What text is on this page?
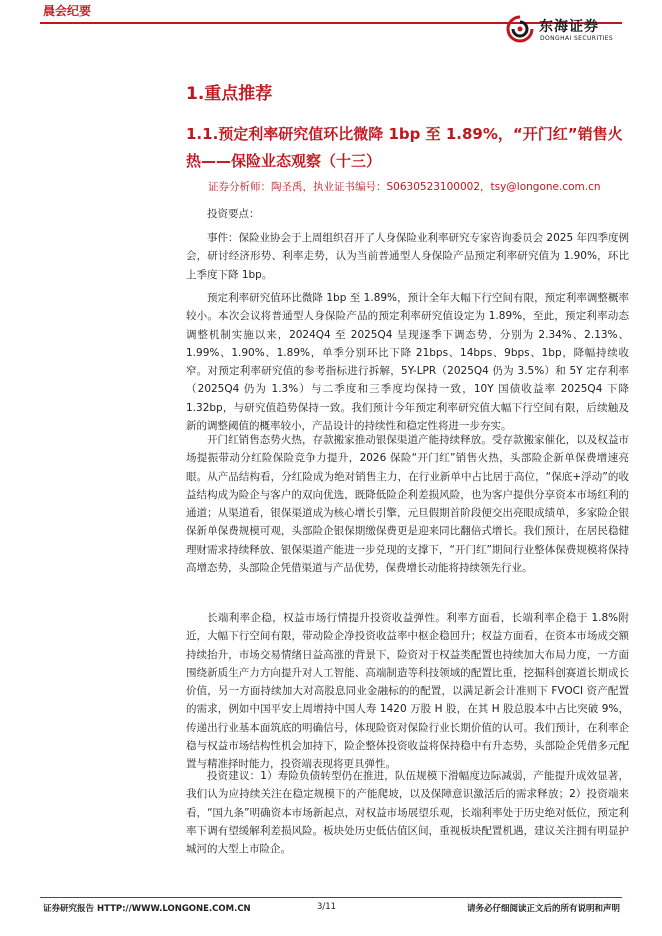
晨会纪要
东海证券
DONGHAI SECURITIES
1.重点推荐
1.1.预定利率研究值环比微降 1bp 至 1.89%，“开门红”销售火热——保险业态观察（十三）
证券分析师：陶圣禹，执业证书编号：S0630523100002，tsy@longone.com.cn
投资要点：

事件：保险业协会于上周组织召开了人身保险业利率研究专家咨询委员会 2025 年四季度例会，研讨经济形势、利率走势，认为当前普通型人身保险产品预定利率研究值为 1.90%，环比上季度下降 1bp。

预定利率研究值环比微降 1bp 至 1.89%，预计全年大幅下行空间有限，预定利率调整概率较小。本次会议将普通型人身保险产品的预定利率研究值设定为 1.89%，至此，预定利率动态调整机制实施以来，2024Q4 至 2025Q4 呈现逐季下调态势，分别为 2.34%、2.13%、1.99%、1.90%、1.89%，单季分别环比下降 21bps、14bps、9bps、1bp，降幅持续收窄。对预定利率研究值的参考指标进行拆解，5Y-LPR（2025Q4 仍为 3.5%）和 5Y 定存利率（2025Q4 仍为 1.3%）与二季度和三季度均保持一致，10Y 国债收益率 2025Q4 下降 1.32bp，与研究值趋势保持一致。我们预计今年预定利率研究值大幅下行空间有限，后续触及新的调整阈值的概率较小，产品设计的持续性和稳定性将进一步夯实。

开门红销售态势火热，存款搬家推动银保渠道产能持续释放。受存款搬家催化，以及权益市场提振带动分红险保险竞争力提升，2026 保险“开门红”销售火热，头部险企新单保费增速亮眼。从产品结构看，分红险成为绝对销售主力，在行业新单中占比居于高位，“保底+浮动”的收益结构成为险企与客户的双向优选，既降低险企利差损风险，也为客户提供分享资本市场红利的通道；从渠道看，银保渠道成为核心增长引擎，元旦假期首阶段便交出亮眼成绩单，多家险企银保新单保费规模可观，头部险企银保期缴保费更是迎来同比翻倍式增长。我们预计，在居民稳健理财需求持续释放、银保渠道产能进一步兑现的支撑下，“开门红”期间行业整体保费规模将保持高增态势，头部险企凭借渠道与产品优势，保费增长动能将持续领先行业。

长端利率企稳，权益市场行情提升投资收益弹性。利率方面看，长端利率企稳于 1.8%附近，大幅下行空间有限，带动险企净投资收益率中枢企稳回升；权益方面看，在资本市场成交额持续抬升，市场交易情绪日益高涨的背景下，险资对于权益类配置也持续加大布局力度，一方面围绕新质生产力方向提升对人工智能、高端制造等科技领域的配置比重，挖掘科创赛道长期成长价值，另一方面持续加大对高股息同业金融标的的配置，以满足新会计准则下 FVOCI 资产配置的需求，例如中国平安上周增持中国人寿 1420 万股 H 股，在其 H 股总股本中占比突破 9%，传递出行业基本面筑底的明确信号，体现险资对保险行业长期价值的认可。我们预计，在利率企稳与权益市场结构性机会加持下，险企整体投资收益将保持稳中有升态势，头部险企凭借多元配置与精准择时能力，投资端表现将更具弹性。

投资建议：1）寿险负债转型仍在推进，队伍规模下滑幅度边际减弱，产能提升成效显著，我们认为应持续关注在稳定规模下的产能爬坡，以及保障意识激活后的需求释放；2）投资端来看，“国九条”明确资本市场新起点，对权益市场展望乐观，长端利率处于历史绝对低位，预定利率下调有望缓解利差损风险。板块处历史低估值区间，重视板块配置机遇，建议关注拥有明显护城河的大型上市险企。

证券研究报告 HTTP://WWW.LONGONE.COM.CN	3/11	请务必仔细阅读正文后的所有说明和声明
